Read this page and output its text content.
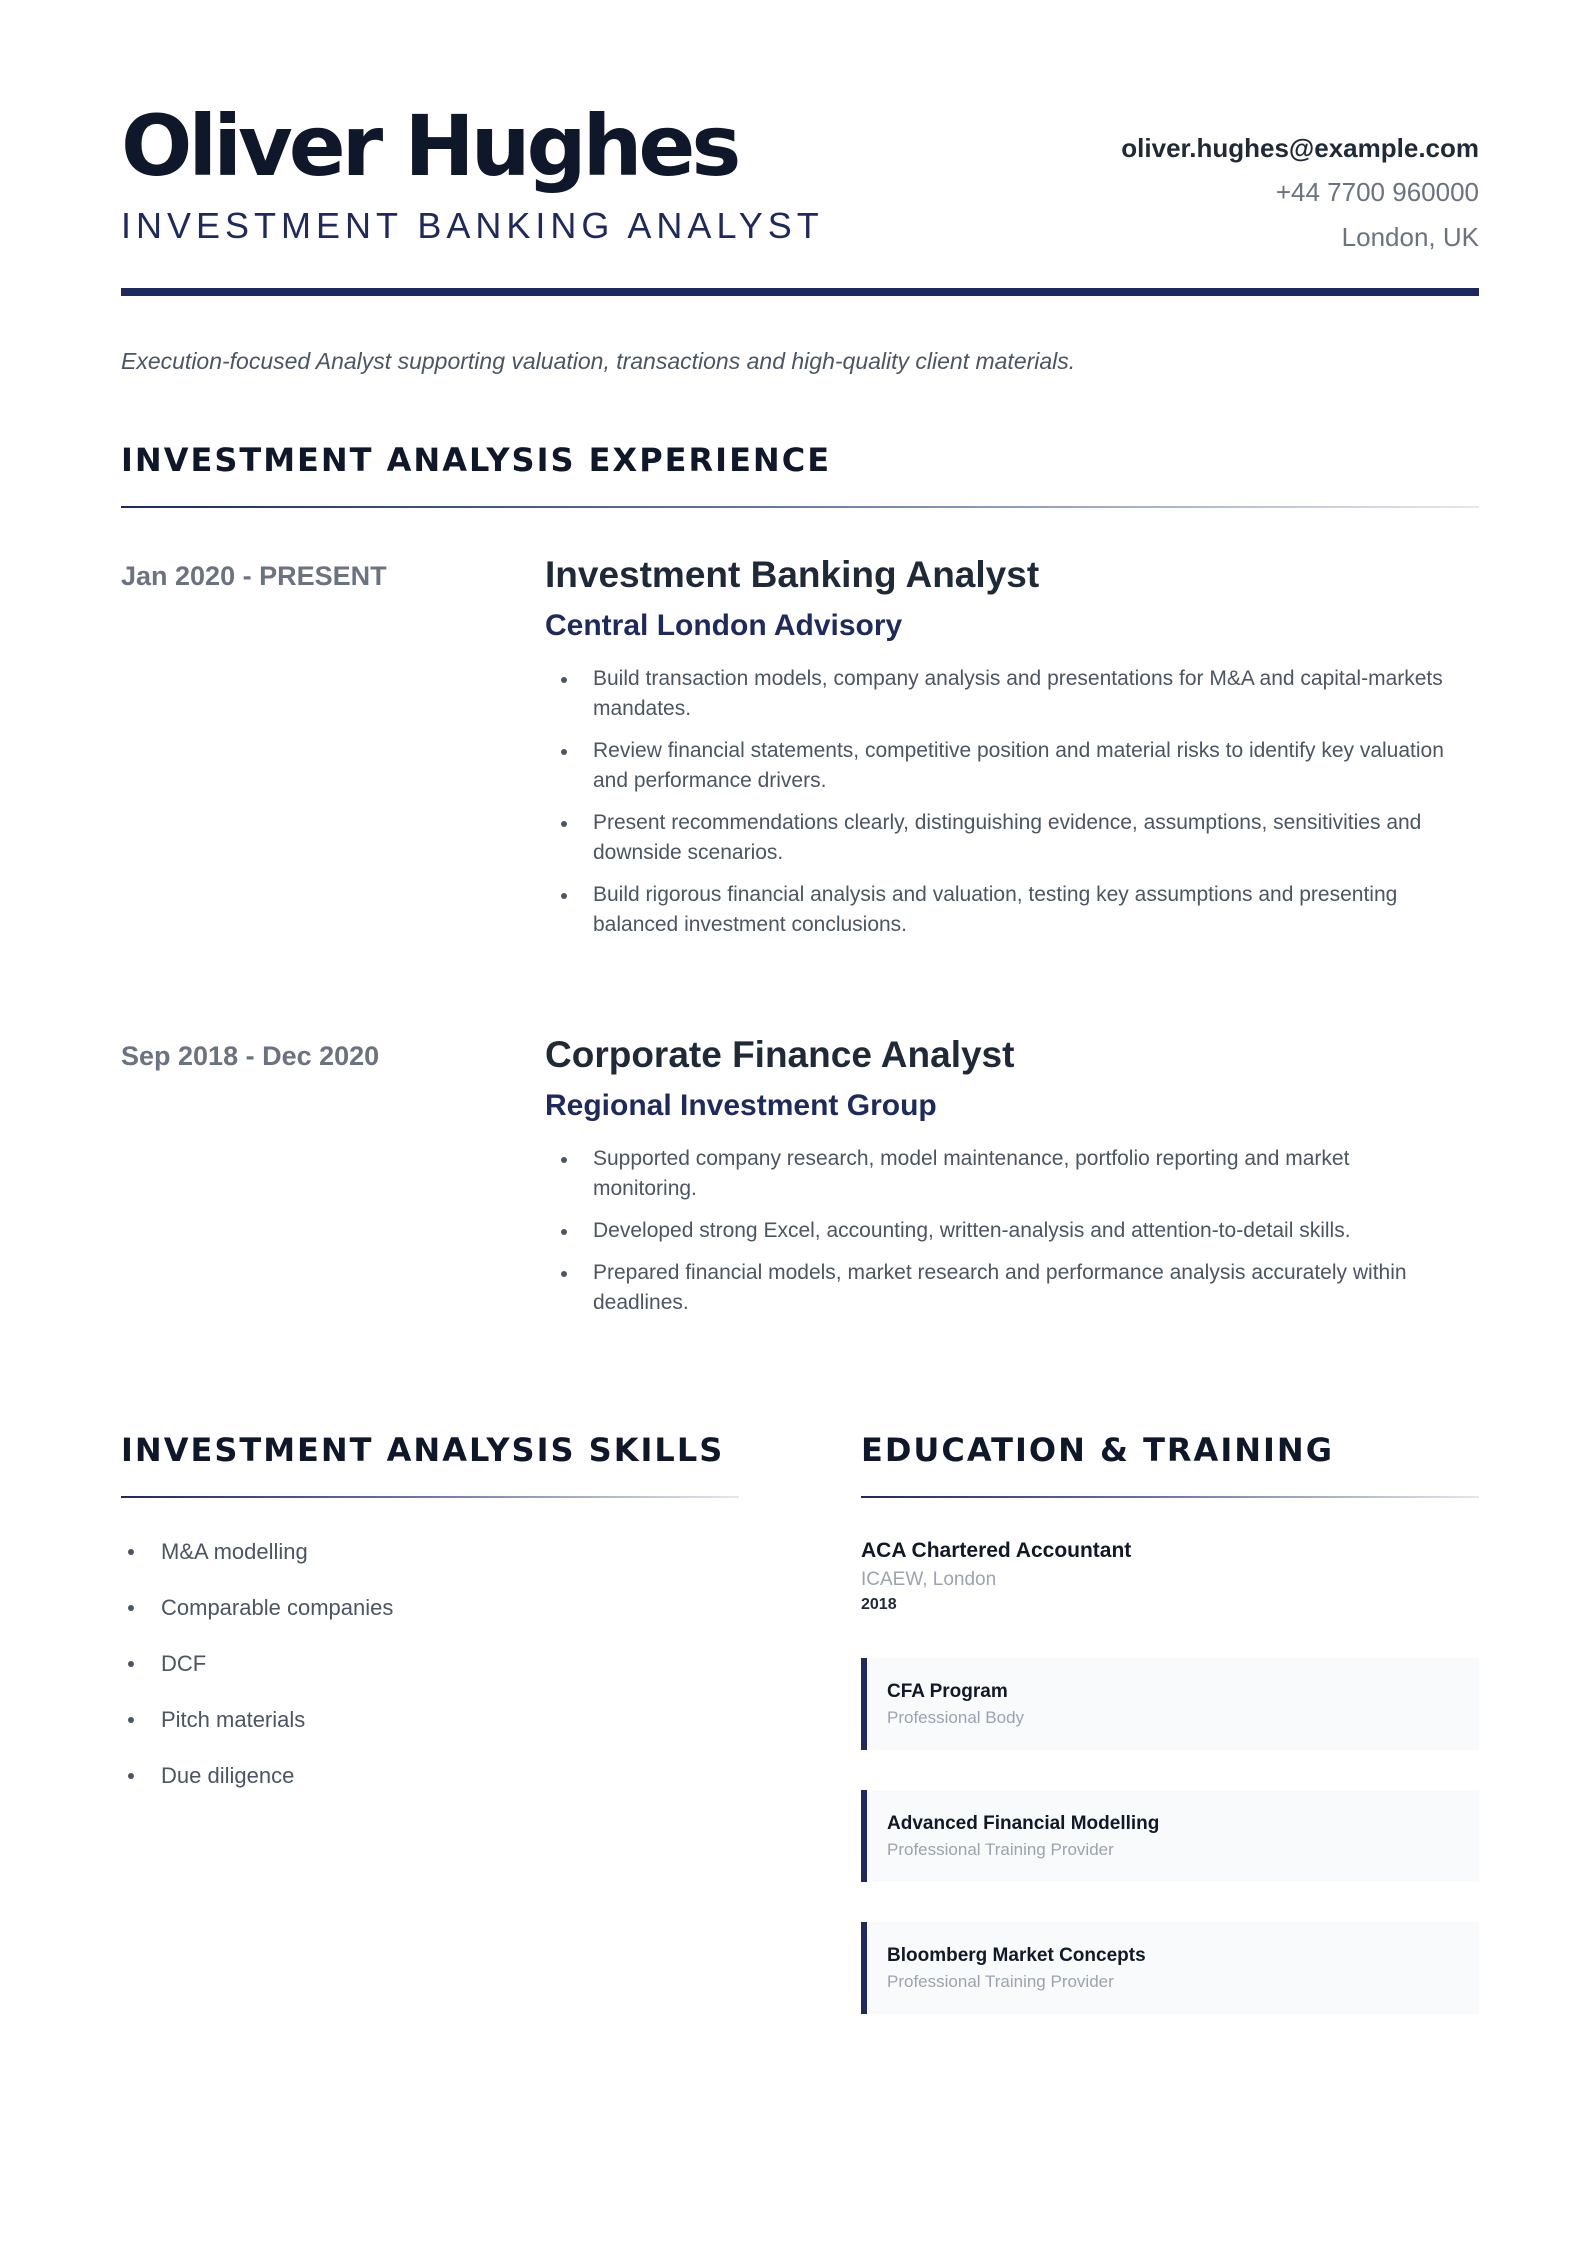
Oliver Hughes
INVESTMENT BANKING ANALYST
oliver.hughes@example.com
+44 7700 960000
London, UK
Execution-focused Analyst supporting valuation, transactions and high-quality client materials.
INVESTMENT ANALYSIS EXPERIENCE
Jan 2020 - PRESENT	Investment Banking Analyst
Central London Advisory
Build transaction models, company analysis and presentations for M&A and capital-markets mandates.
Review financial statements, competitive position and material risks to identify key valuation and performance drivers.
Present recommendations clearly, distinguishing evidence, assumptions, sensitivities and downside scenarios.
Build rigorous financial analysis and valuation, testing key assumptions and presenting balanced investment conclusions.
Sep 2018 - Dec 2020	Corporate Finance Analyst
Regional Investment Group
Supported company research, model maintenance, portfolio reporting and market monitoring.
Developed strong Excel, accounting, written-analysis and attention-to-detail skills.
Prepared financial models, market research and performance analysis accurately within deadlines.
INVESTMENT ANALYSIS SKILLS
M&A modelling
Comparable companies
DCF
Pitch materials
Due diligence
EDUCATION & TRAINING
ACA Chartered Accountant
ICAEW, London
2018
CFA Program
Professional Body
Advanced Financial Modelling
Professional Training Provider
Bloomberg Market Concepts
Professional Training Provider
